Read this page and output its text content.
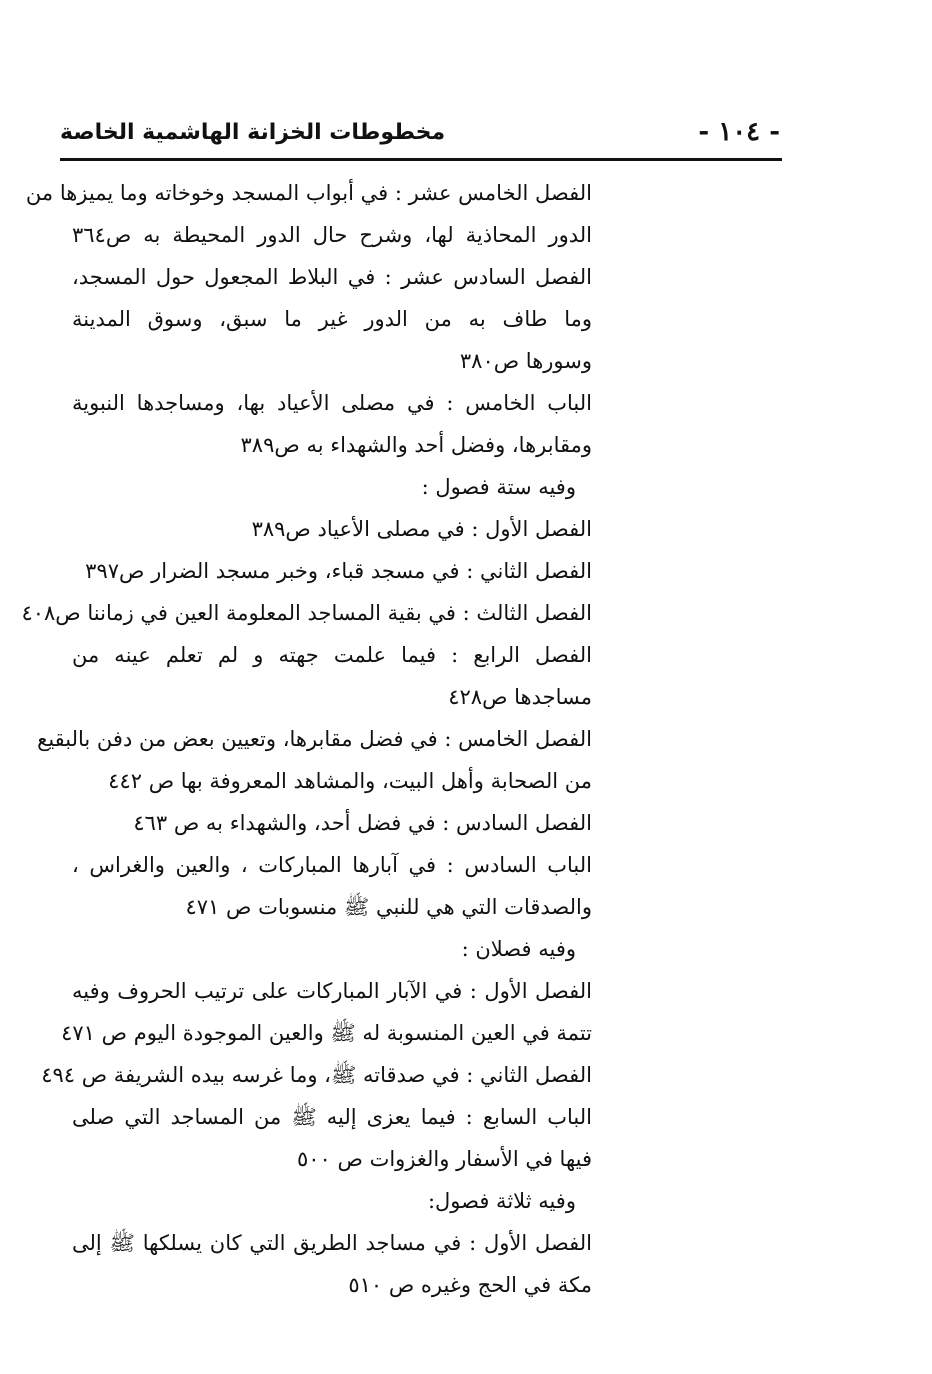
مخطوطات الخزانة الهاشمية الخاصة	- ١٠٤ -
الفصل الخامس عشر : في أبواب المسجد وخوخاته وما يميزها من
الدور المحاذية لها، وشرح حال الدور المحيطة به ص٣٦٤
الفصل السادس عشر : في البلاط المجعول حول المسجد،
وما طاف به من الدور غير ما سبق، وسوق المدينة
وسورها ص٣٨٠
الباب الخامس : في مصلى الأعياد بها، ومساجدها النبوية
ومقابرها، وفضل أحد والشهداء به ص٣٨٩
وفيه ستة فصول :
الفصل الأول : في مصلى الأعياد ص٣٨٩
الفصل الثاني : في مسجد قباء، وخبر مسجد الضرار ص٣٩٧
الفصل الثالث : في بقية المساجد المعلومة العين في زماننا ص٤٠٨
الفصل الرابع : فيما علمت جهته و لم تعلم عينه من
مساجدها ص٤٢٨
الفصل الخامس : في فضل مقابرها، وتعيين بعض من دفن بالبقيع
من الصحابة وأهل البيت، والمشاهد المعروفة بها ص ٤٤٢
الفصل السادس : في فضل أحد، والشهداء به ص ٤٦٣
الباب السادس : في آبارها المباركات ، والعين والغراس ،
والصدقات التي هي للنبي ﷺ منسوبات ص ٤٧١
وفيه فصلان :
الفصل الأول : في الآبار المباركات على ترتيب الحروف وفيه
تتمة في العين المنسوبة له ﷺ والعين الموجودة اليوم ص ٤٧١
الفصل الثاني : في صدقاته ﷺ، وما غرسه بيده الشريفة ص ٤٩٤
الباب السابع : فيما يعزى إليه ﷺ من المساجد التي صلى
فيها في الأسفار والغزوات ص ٥٠٠
وفيه ثلاثة فصول:
الفصل الأول : في مساجد الطريق التي كان يسلكها ﷺ إلى
مكة في الحج وغيره ص ٥١٠
